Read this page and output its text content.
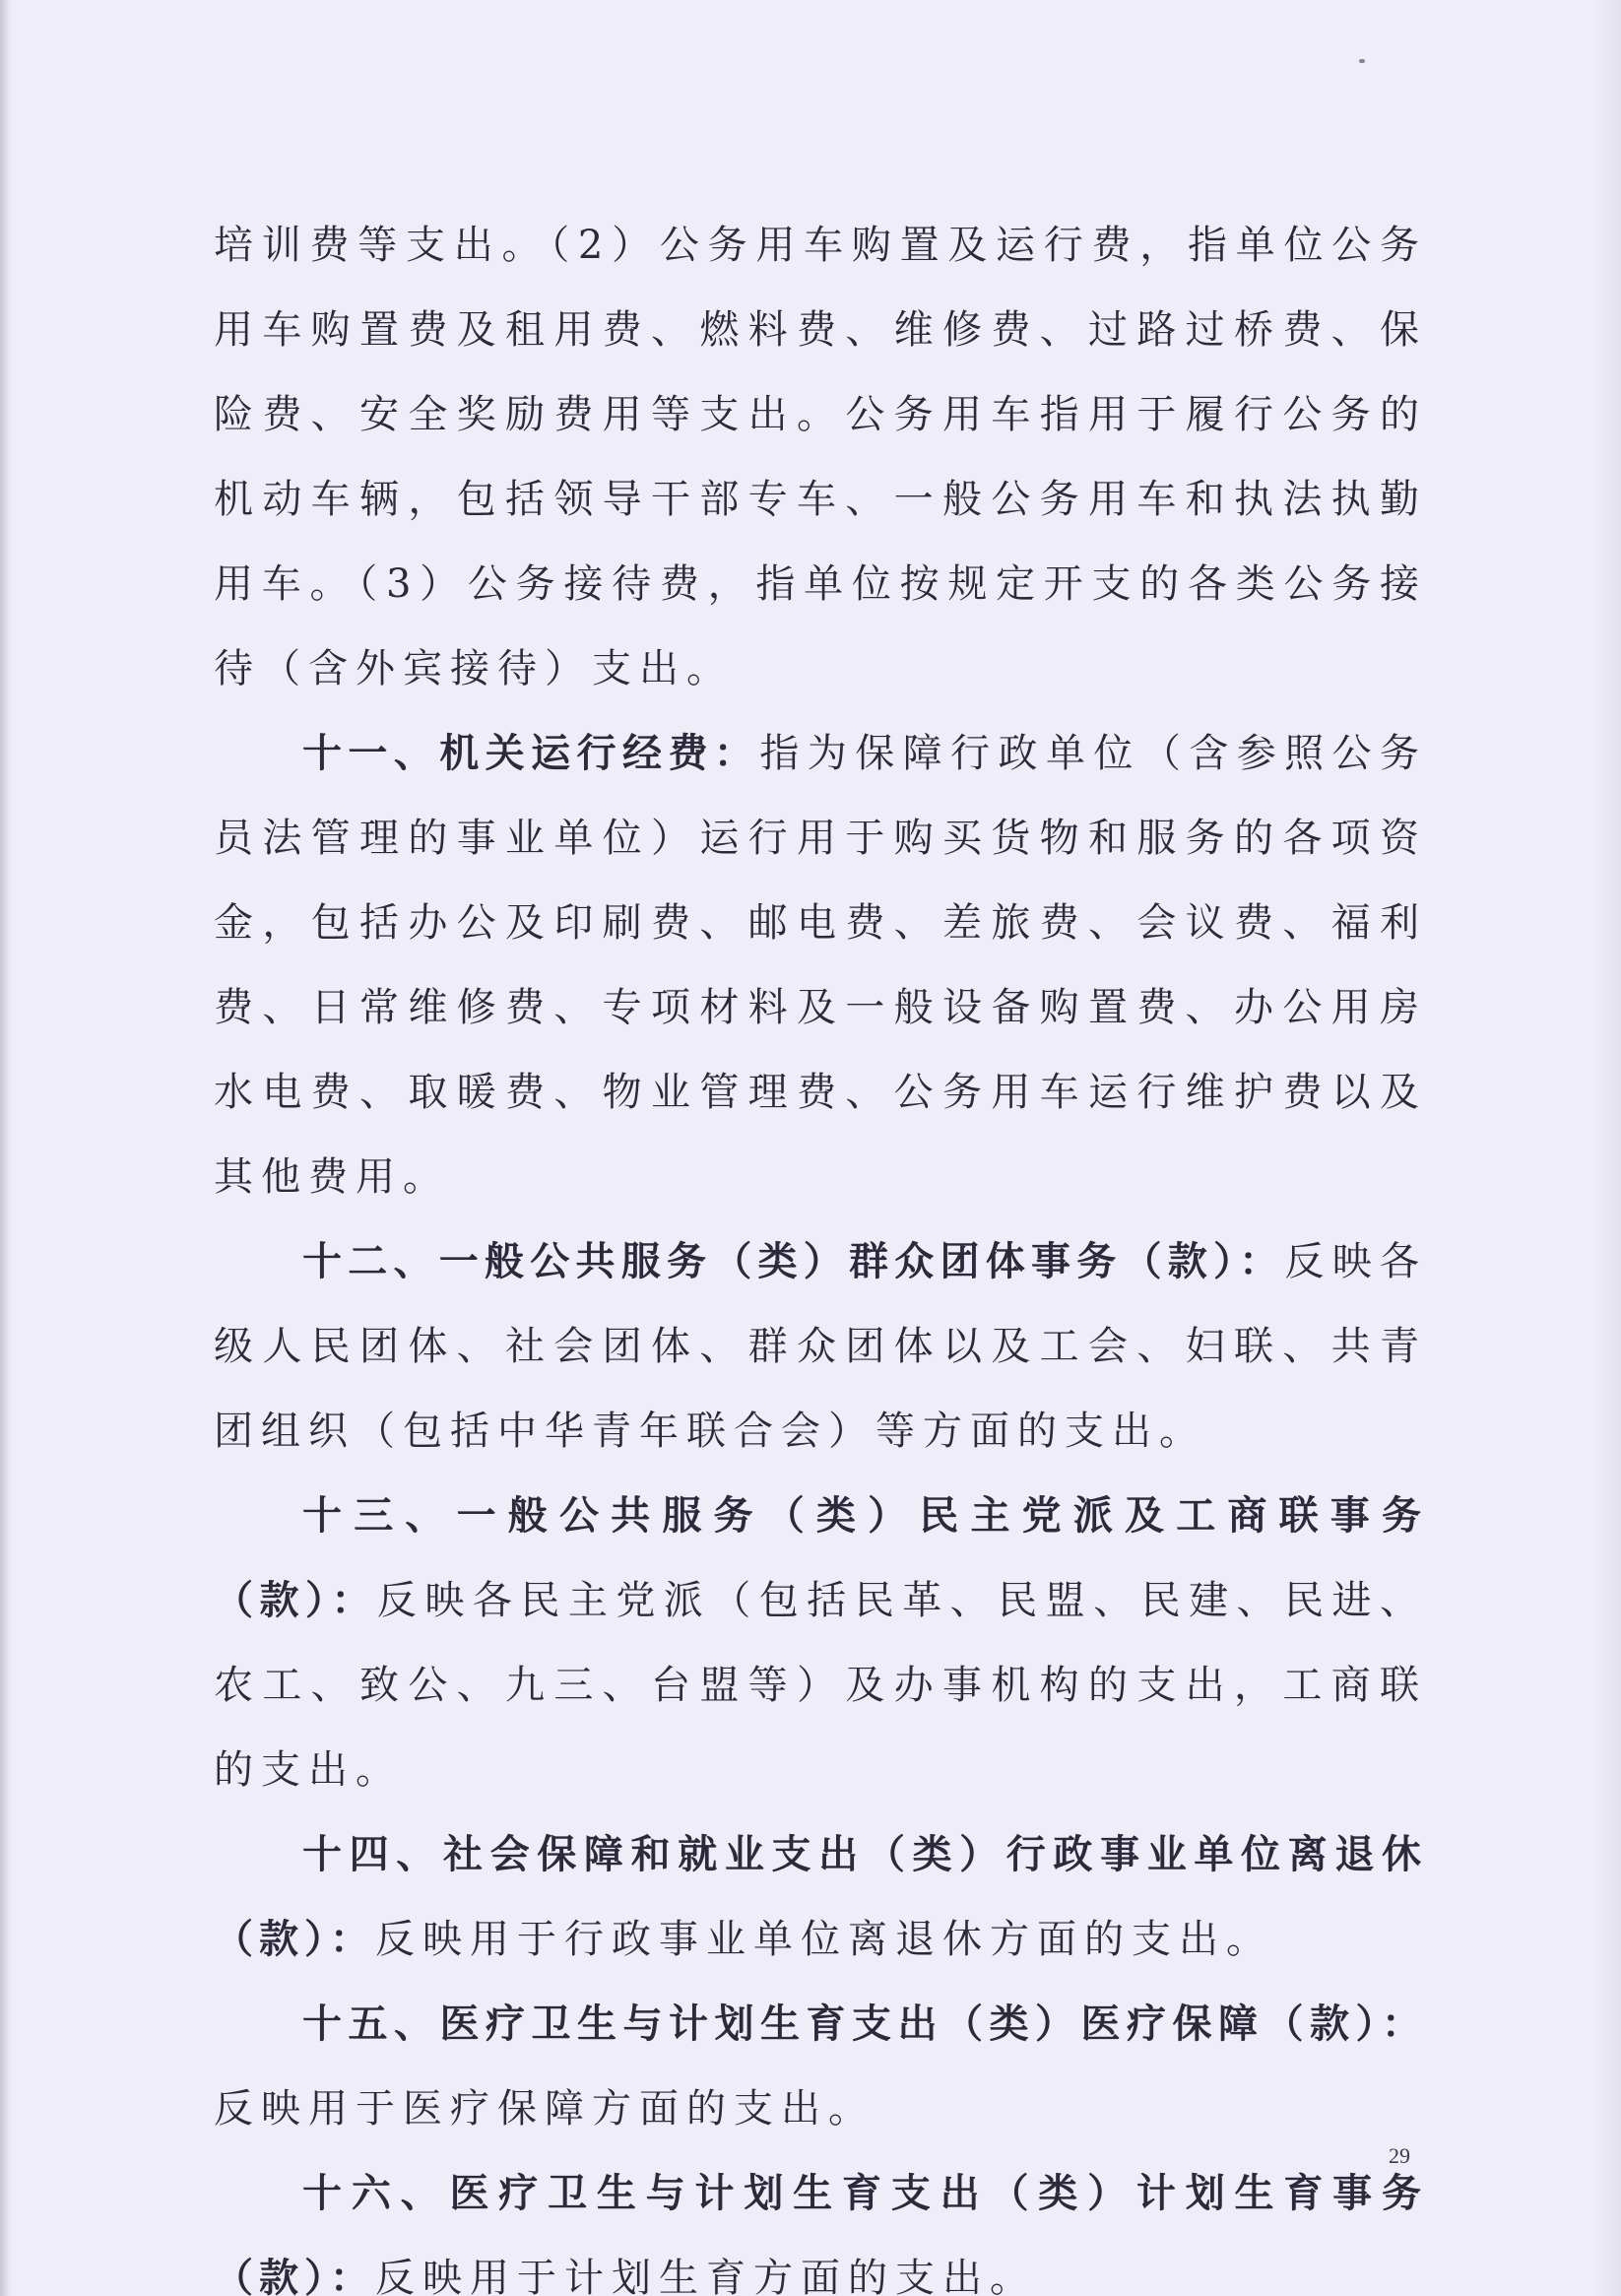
培训费等支出。（2）公务用车购置及运行费，指单位公务用车购置费及租用费、燃料费、维修费、过路过桥费、保险费、安全奖励费用等支出。公务用车指用于履行公务的机动车辆，包括领导干部专车、一般公务用车和执法执勤用车。（3）公务接待费，指单位按规定开支的各类公务接待（含外宾接待）支出。

十一、机关运行经费：指为保障行政单位（含参照公务员法管理的事业单位）运行用于购买货物和服务的各项资金，包括办公及印刷费、邮电费、差旅费、会议费、福利费、日常维修费、专项材料及一般设备购置费、办公用房水电费、取暖费、物业管理费、公务用车运行维护费以及其他费用。

十二、一般公共服务（类）群众团体事务（款）：反映各级人民团体、社会团体、群众团体以及工会、妇联、共青团组织（包括中华青年联合会）等方面的支出。

十三、一般公共服务（类）民主党派及工商联事务（款）：反映各民主党派（包括民革、民盟、民建、民进、农工、致公、九三、台盟等）及办事机构的支出，工商联的支出。

十四、社会保障和就业支出（类）行政事业单位离退休（款）：反映用于行政事业单位离退休方面的支出。

十五、医疗卫生与计划生育支出（类）医疗保障（款）：反映用于医疗保障方面的支出。

十六、医疗卫生与计划生育支出（类）计划生育事务（款）：反映用于计划生育方面的支出。

29
